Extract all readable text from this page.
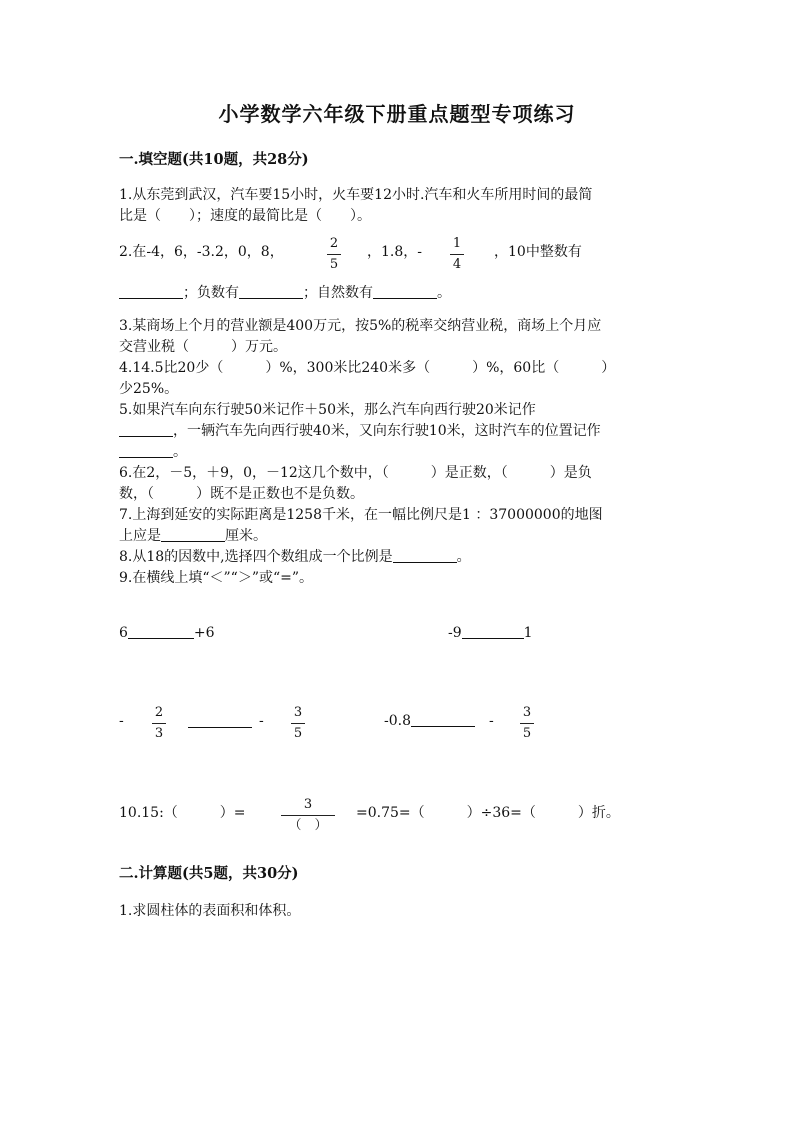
小学数学六年级下册重点题型专项练习
一.填空题(共10题，共28分)
1.从东莞到武汉，汽车要15小时，火车要12小时.汽车和火车所用时间的最简
比是（　　）；速度的最简比是（　　）。
2.在-4，6，-3.2，0，8，
2
5
，1.8，-
1
4
，10中整数有
；负数有	；自然数有	。
3.某商场上个月的营业额是400万元，按5%的税率交纳营业税，商场上个月应
交营业税（　　　）万元。
4.14.5比20少（　　　）%，300米比240米多（　　　）%，60比（　　　）
少25%。
5.如果汽车向东行驶50米记作＋50米，那么汽车向西行驶20米记作
，一辆汽车先向西行驶40米，又向东行驶10米，这时汽车的位置记作
。
6.在2，－5，＋9，0，－12这几个数中，（　　　）是正数，（　　　）是负
数，（　　　）既不是正数也不是负数。
7.上海到延安的实际距离是1258千米，在一幅比例尺是1 ：37000000的地图
上应是	厘米。
8.从18的因数中,选择四个数组成一个比例是	。
9.在横线上填“＜”“＞”或“=”。
6	+6	-9	1
-
2
3
-
3
5
-0.8	-
3
5
10.15:（　　　）=
3
（　）
=0.75=（　　　）÷36=（　　　）折。
二.计算题(共5题，共30分)
1.求圆柱体的表面积和体积。
